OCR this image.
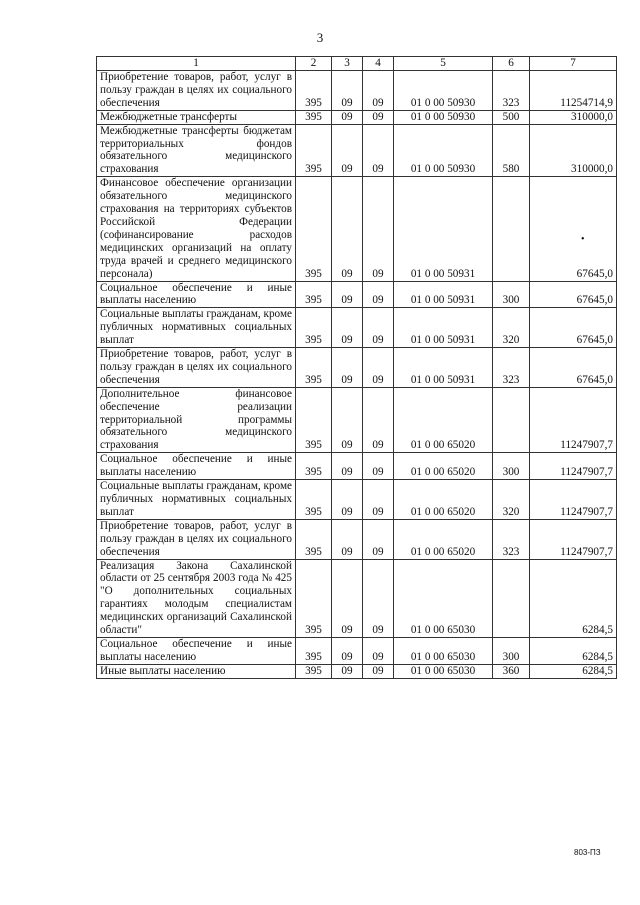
3
•
1	2	3	4	5	6	7
Приобретение товаров, работ, услуг в пользу граждан в целях их социального обеспечения	395	09	09	01 0 00 50930	323	11254714,9
Межбюджетные трансферты	395	09	09	01 0 00 50930	500	310000,0
Межбюджетные трансферты бюджетам территориальных фондов обязательного медицинского страхования	395	09	09	01 0 00 50930	580	310000,0
Финансовое обеспечение организации обязательного медицинского страхования на территориях субъектов Российской Федерации (софинансирование расходов медицинских организаций на оплату труда врачей и среднего медицинского персонала)	395	09	09	01 0 00 50931		67645,0
Социальное обеспечение и иные выплаты населению	395	09	09	01 0 00 50931	300	67645,0
Социальные выплаты гражданам, кроме публичных нормативных социальных выплат	395	09	09	01 0 00 50931	320	67645,0
Приобретение товаров, работ, услуг в пользу граждан в целях их социального обеспечения	395	09	09	01 0 00 50931	323	67645,0
Дополнительное финансовое обеспечение реализации территориальной программы обязательного медицинского страхования	395	09	09	01 0 00 65020		11247907,7
Социальное обеспечение и иные выплаты населению	395	09	09	01 0 00 65020	300	11247907,7
Социальные выплаты гражданам, кроме публичных нормативных социальных выплат	395	09	09	01 0 00 65020	320	11247907,7
Приобретение товаров, работ, услуг в пользу граждан в целях их социального обеспечения	395	09	09	01 0 00 65020	323	11247907,7
Реализация Закона Сахалинской области от 25 сентября 2003 года № 425 "О дополнительных социальных гарантиях молодым специалистам медицинских организаций Сахалинской области"	395	09	09	01 0 00 65030		6284,5
Социальное обеспечение и иные выплаты населению	395	09	09	01 0 00 65030	300	6284,5
Иные выплаты населению	395	09	09	01 0 00 65030	360	6284,5
803-ПЗ
